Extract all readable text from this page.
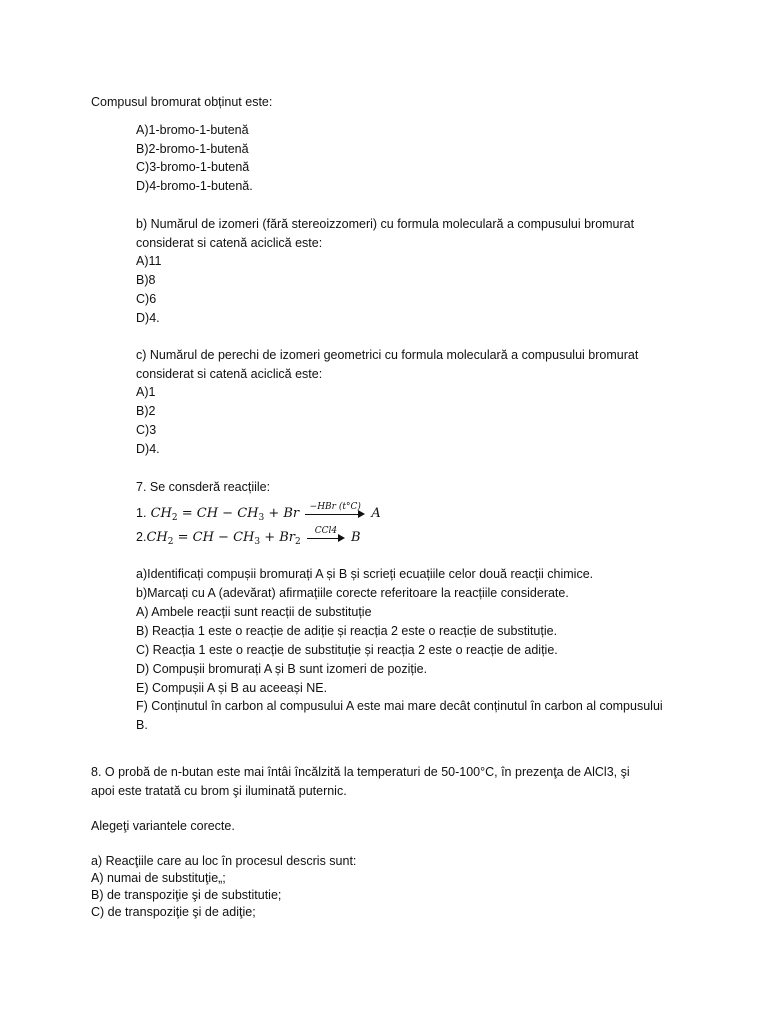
Compusul bromurat obținut este:
A)1-bromo-1-butenă
B)2-bromo-1-butenă
C)3-bromo-1-butenă
D)4-bromo-1-butenă.
b) Numărul de izomeri (fără stereoizzomeri) cu formula moleculară a compusului bromurat
considerat si catenă aciclică este:
A)11
B)8
C)6
D)4.
c) Numărul de perechi de izomeri geometrici cu formula moleculară a compusului bromurat
considerat si catenă aciclică este:
A)1
B)2
C)3
D)4.
7. Se consderă reacțiile:
1. $CH_2$ = CH − $CH_3 + Br -HBr$ (t°C) A
$2.CH_2$ = CH − $CH_3 + Br_2$
CCl4	B
a)Identificați compușii bromurați A și B și scrieți ecuațiile celor două reacții chimice.
b)Marcați cu A (adevărat) afirmațiile corecte referitoare la reacțiile considerate.
A) Ambele reacții sunt reacții de substituție
B) Reacția 1 este o reacție de adiție și reacția 2 este o reacție de substituție.
C) Reacția 1 este o reacție de substituție și reacția 2 este o reacție de adiție.
D) Compușii bromurați A și B sunt izomeri de poziție.
E) Compușii A și B au aceeași NE.
F) Conținutul în carbon al compusului A este mai mare decât conținutul în carbon al compusului
B.
8. O probă de n-butan este mai întâi încălzită la temperaturi de 50-100°C, în prezenţa de AlCl3, şi
apoi este tratată cu brom şi iluminată puternic.
Alegeţi variantele corecte.
a) Reacţiile care au loc în procesul descris sunt:
A) numai de substituţie„;
B) de transpoziţie şi de substitutie;
C) de transpoziţie şi de adiţie;
